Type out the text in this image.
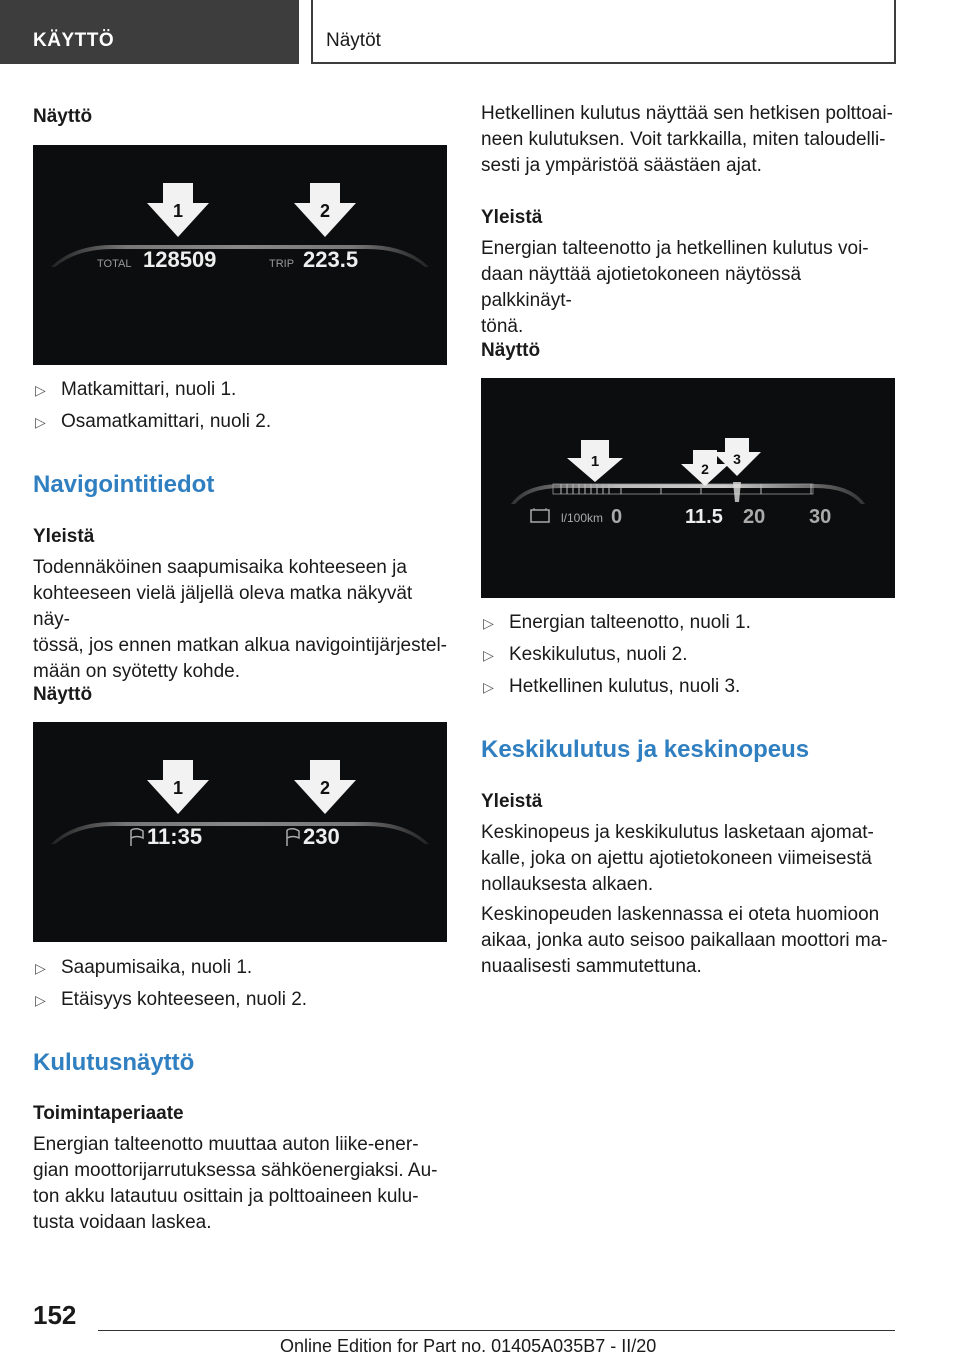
KÄYTTÖ	Näytöt
Näyttö
1	2
TOTAL 128509	TRIP 223.5
▷ Matkamittari, nuoli 1.
▷ Osamatkamittari, nuoli 2.
Navigointitiedot
Yleistä
Todennäköinen saapumisaika kohteeseen ja
kohteeseen vielä jäljellä oleva matka näkyvät näy-
tössä, jos ennen matkan alkua navigointijärjestel-
mään on syötetty kohde.
Näyttö
1	2
11:35	230
▷ Saapumisaika, nuoli 1.
▷ Etäisyys kohteeseen, nuoli 2.
Kulutusnäyttö
Toimintaperiaate
Energian talteenotto muuttaa auton liike-ener-
gian moottorijarrutuksessa sähköenergiaksi. Au-
ton akku latautuu osittain ja polttoaineen kulu-
tusta voidaan laskea.
Hetkellinen kulutus näyttää sen hetkisen polttoai-
neen kulutuksen. Voit tarkkailla, miten taloudelli-
sesti ja ympäristöä säästäen ajat.
Yleistä
Energian talteenotto ja hetkellinen kulutus voi-
daan näyttää ajotietokoneen näytössä palkkinäyt-
tönä.
Näyttö
1	2
3
l/100km 0	11.5 20 30
▷ Energian talteenotto, nuoli 1.
▷ Keskikulutus, nuoli 2.
▷ Hetkellinen kulutus, nuoli 3.
Keskikulutus ja keskinopeus
Yleistä
Keskinopeus ja keskikulutus lasketaan ajomat-
kalle, joka on ajettu ajotietokoneen viimeisestä
nollauksesta alkaen.
Keskinopeuden laskennassa ei oteta huomioon
aikaa, jonka auto seisoo paikallaan moottori ma-
nuaalisesti sammutettuna.
152
Online Edition for Part no. 01405A035B7 - II/20
